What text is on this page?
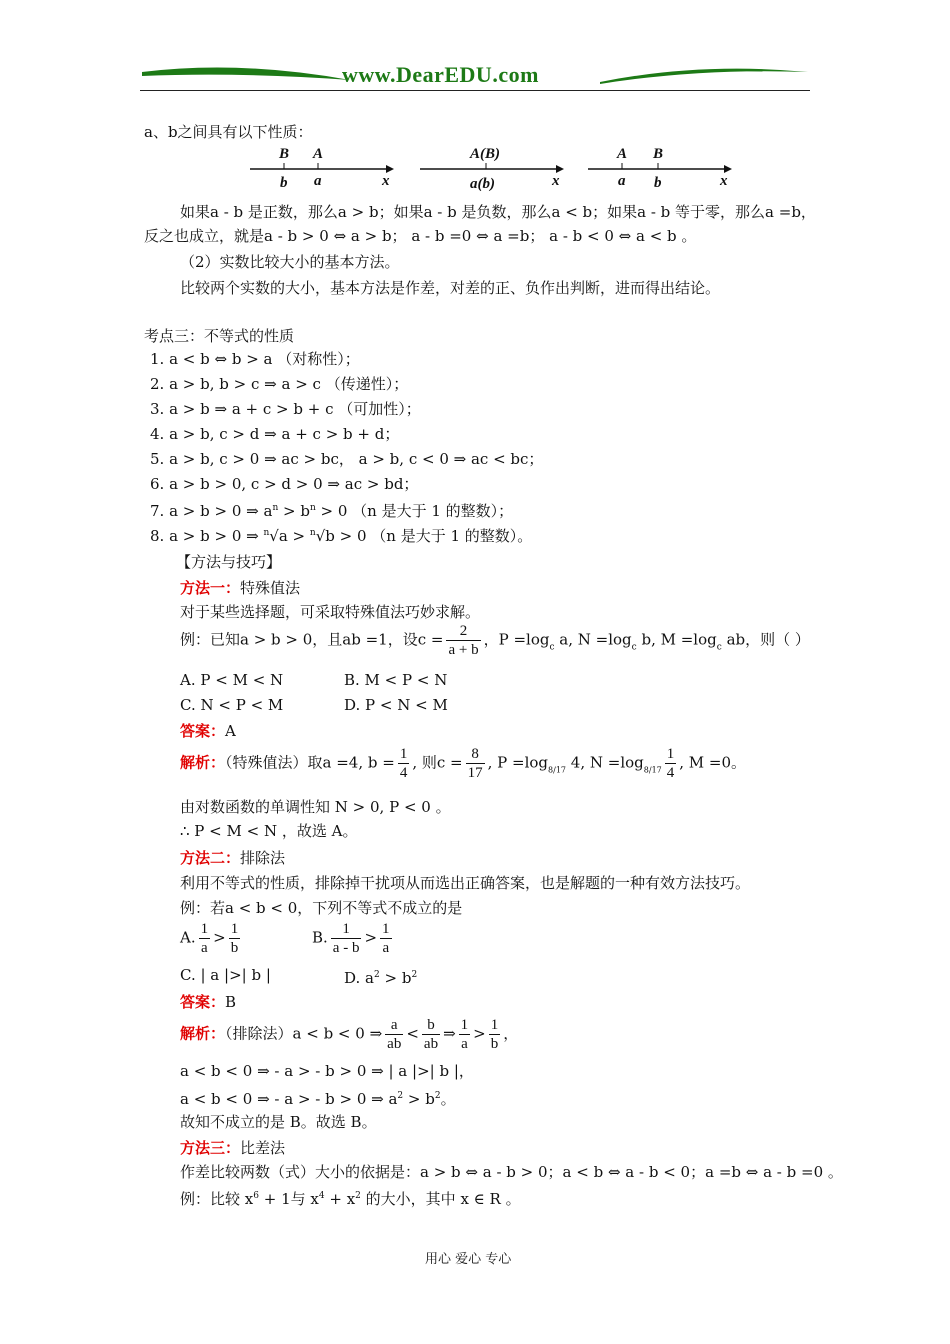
www.DearEDU.com
a、b之间具有以下性质：
B A
b a	x
A(B)
a(b)	x
A B
a b	x
如果a - b 是正数，那么a > b；如果a - b 是负数，那么a < b；如果a - b 等于零，那么a =b，
反之也成立，就是a - b > 0 ⇔ a > b； a - b =0 ⇔ a =b； a - b < 0 ⇔ a < b 。
（2）实数比较大小的基本方法。
比较两个实数的大小，基本方法是作差，对差的正、负作出判断，进而得出结论。
考点三：不等式的性质
1. a < b ⇔ b > a （对称性）；
2. a > b, b > c ⇒ a > c （传递性）；
3. a > b ⇒ a + c > b + c （可加性）；
4. a > b, c > d ⇒ a + c > b + d；
5. a > b, c > 0 ⇒ ac > bc， a > b, c < 0 ⇒ ac < bc；
6. a > b > 0, c > d > 0 ⇒ ac > bd；
7. a > b > 0 ⇒ $a^n > b^n > 0$ （n 是大于 1 的整数）；
8. a > b > 0 ⇒ $^n$√a > $^n$√b > 0 （n 是大于 1 的整数）。
【方法与技巧】
方法一：特殊值法
对于某些选择题，可采取特殊值法巧妙求解。
例：已知a > b > 0，且ab =1，设$c = \frac{2}{a + b}$ ，$P =\log_c$ a, $N =\log_c$ b, $M =\log_c$ ab，则（ ）
A. P < M < N	B. M < P < N
C. N < P < M	D. P < N < M
答案：A
解析：（特殊值法）取a =4, $b = \frac{1}{4}$ , 则$c = \frac{8}{17}$ , $P =\log_{8/17}$ 4, $N =\log_{8/17} \frac{1}{4}$ , M =0。
由对数函数的单调性知 N > 0, P < 0 。
∴ P < M < N ，故选 A。
方法二：排除法
利用不等式的性质，排除掉干扰项从而选出正确答案，也是解题的一种有效方法技巧。
例：若a < b < 0，下列不等式不成立的是
A. $\frac{1}{a} > \frac{1}{b}$	B. $\frac{1}{a - b} > \frac{1}{a}$
C. | a |>| b |	D. $a^2 > b^2$
答案：B
解析：（排除法）a < b < 0 ⇒ $\frac{a}{ab} < \frac{b}{ab}$ ⇒ $\frac{1}{a} > \frac{1}{b}$ ，
a < b < 0 ⇒ - a > - b > 0 ⇒ | a |>| b |，
a < b < 0 ⇒ - a > - b > 0 ⇒ $a^2 > b^2$。
故知不成立的是 B。故选 B。
方法三：比差法
作差比较两数（式）大小的依据是：a > b ⇔ a - b > 0；a < b ⇔ a - b < 0；a =b ⇔ a - b =0 。
例：比较 $x^6 + 1$与 $x^4 + x^2$ 的大小，其中 x ∈ R 。
用心 爱心 专心
